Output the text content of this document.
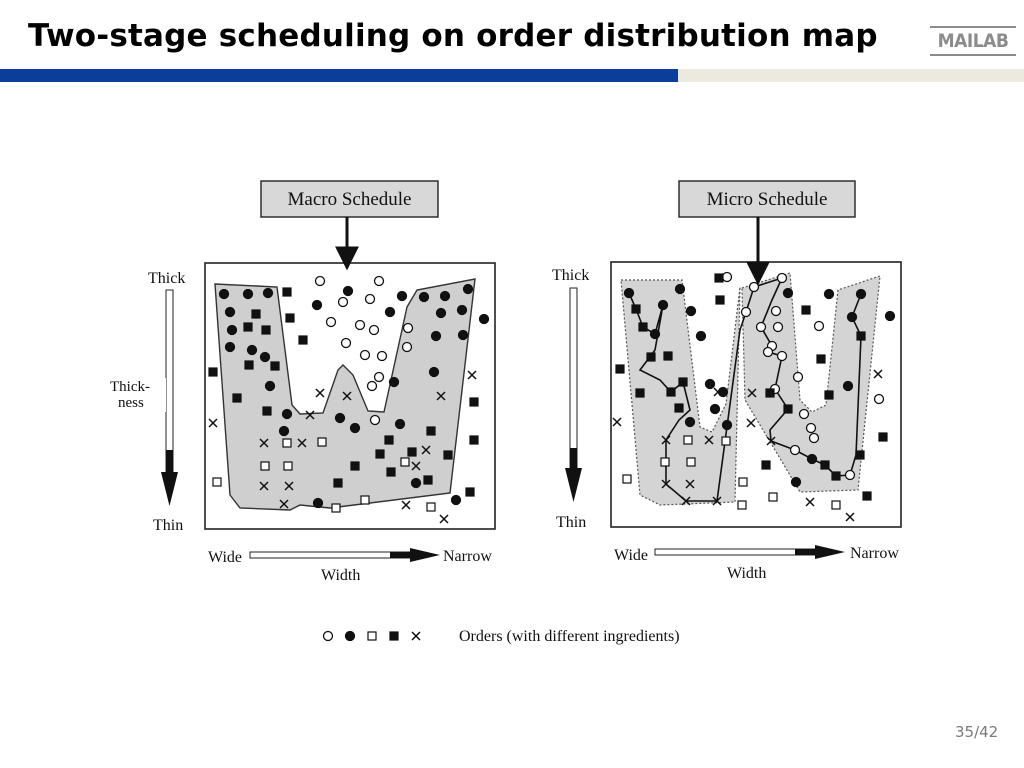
Two-stage scheduling on order distribution map	MAILAB
Macro Schedule
Thick
Thick-
ness
Thin
Wide	Narrow
Width
Micro Schedule
Thick
Thin
Wide	Narrow
Width
Orders (with different ingredients)
35/42
